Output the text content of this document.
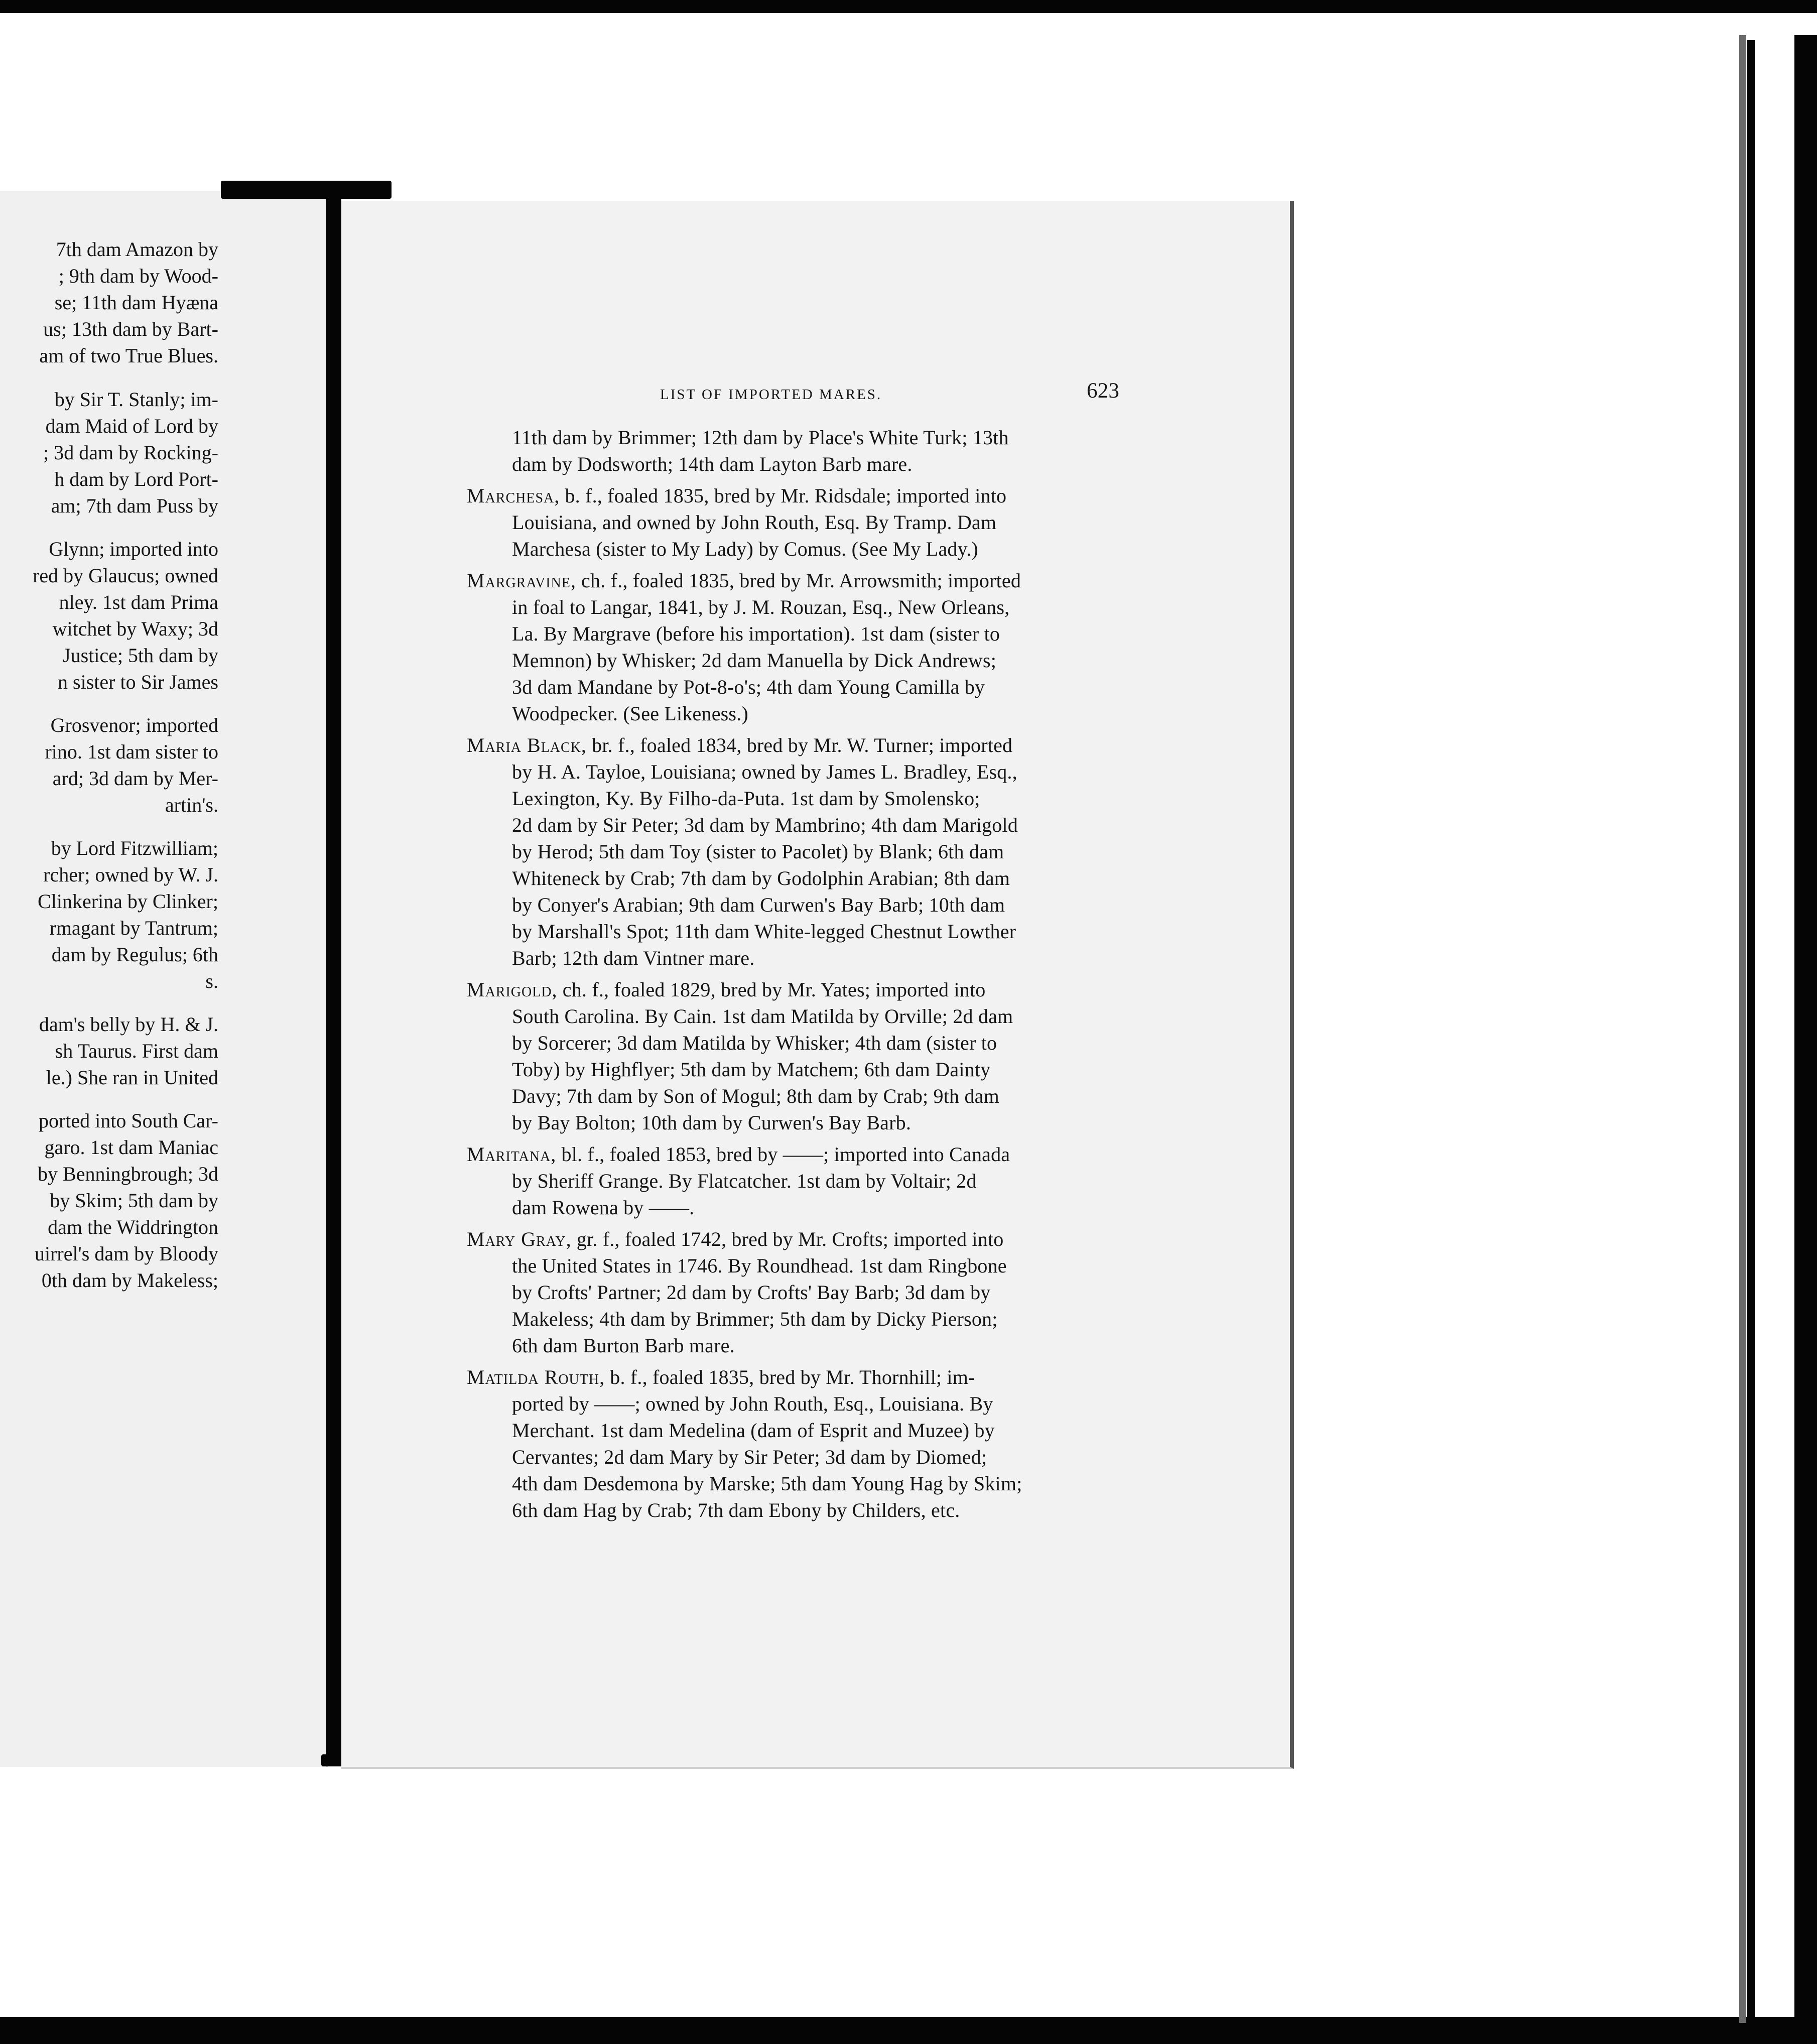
7th dam Amazon by
; 9th dam by Wood-
se; 11th dam Hyæna
us; 13th dam by Bart-
am of two True Blues.
by Sir T. Stanly; im-
dam Maid of Lord by
; 3d dam by Rocking-
h dam by Lord Port-
am; 7th dam Puss by
Glynn; imported into
red by Glaucus; owned
nley. 1st dam Prima
witchet by Waxy; 3d
Justice; 5th dam by
n sister to Sir James
Grosvenor; imported
rino. 1st dam sister to
ard; 3d dam by Mer-
artin's.
by Lord Fitzwilliam;
rcher; owned by W. J.
Clinkerina by Clinker;
rmagant by Tantrum;
dam by Regulus; 6th
s.
dam's belly by H. & J.
sh Taurus. First dam
le.) She ran in United
ported into South Car-
garo. 1st dam Maniac
by Benningbrough; 3d
by Skim; 5th dam by
dam the Widdrington
uirrel's dam by Bloody
0th dam by Makeless;
LIST OF IMPORTED MARES.	623
11th dam by Brimmer; 12th dam by Place's White Turk; 13th
dam by Dodsworth; 14th dam Layton Barb mare.
Marchesa, b. f., foaled 1835, bred by Mr. Ridsdale; imported into
Louisiana, and owned by John Routh, Esq. By Tramp. Dam
Marchesa (sister to My Lady) by Comus. (See My Lady.)
Margravine, ch. f., foaled 1835, bred by Mr. Arrowsmith; imported
in foal to Langar, 1841, by J. M. Rouzan, Esq., New Orleans,
La. By Margrave (before his importation). 1st dam (sister to
Memnon) by Whisker; 2d dam Manuella by Dick Andrews;
3d dam Mandane by Pot-8-o's; 4th dam Young Camilla by
Woodpecker. (See Likeness.)
Maria Black, br. f., foaled 1834, bred by Mr. W. Turner; imported
by H. A. Tayloe, Louisiana; owned by James L. Bradley, Esq.,
Lexington, Ky. By Filho-da-Puta. 1st dam by Smolensko;
2d dam by Sir Peter; 3d dam by Mambrino; 4th dam Marigold
by Herod; 5th dam Toy (sister to Pacolet) by Blank; 6th dam
Whiteneck by Crab; 7th dam by Godolphin Arabian; 8th dam
by Conyer's Arabian; 9th dam Curwen's Bay Barb; 10th dam
by Marshall's Spot; 11th dam White-legged Chestnut Lowther
Barb; 12th dam Vintner mare.
Marigold, ch. f., foaled 1829, bred by Mr. Yates; imported into
South Carolina. By Cain. 1st dam Matilda by Orville; 2d dam
by Sorcerer; 3d dam Matilda by Whisker; 4th dam (sister to
Toby) by Highflyer; 5th dam by Matchem; 6th dam Dainty
Davy; 7th dam by Son of Mogul; 8th dam by Crab; 9th dam
by Bay Bolton; 10th dam by Curwen's Bay Barb.
Maritana, bl. f., foaled 1853, bred by ——; imported into Canada
by Sheriff Grange. By Flatcatcher. 1st dam by Voltair; 2d
dam Rowena by ——.
Mary Gray, gr. f., foaled 1742, bred by Mr. Crofts; imported into
the United States in 1746. By Roundhead. 1st dam Ringbone
by Crofts' Partner; 2d dam by Crofts' Bay Barb; 3d dam by
Makeless; 4th dam by Brimmer; 5th dam by Dicky Pierson;
6th dam Burton Barb mare.
Matilda Routh, b. f., foaled 1835, bred by Mr. Thornhill; im-
ported by ——; owned by John Routh, Esq., Louisiana. By
Merchant. 1st dam Medelina (dam of Esprit and Muzee) by
Cervantes; 2d dam Mary by Sir Peter; 3d dam by Diomed;
4th dam Desdemona by Marske; 5th dam Young Hag by Skim;
6th dam Hag by Crab; 7th dam Ebony by Childers, etc.
